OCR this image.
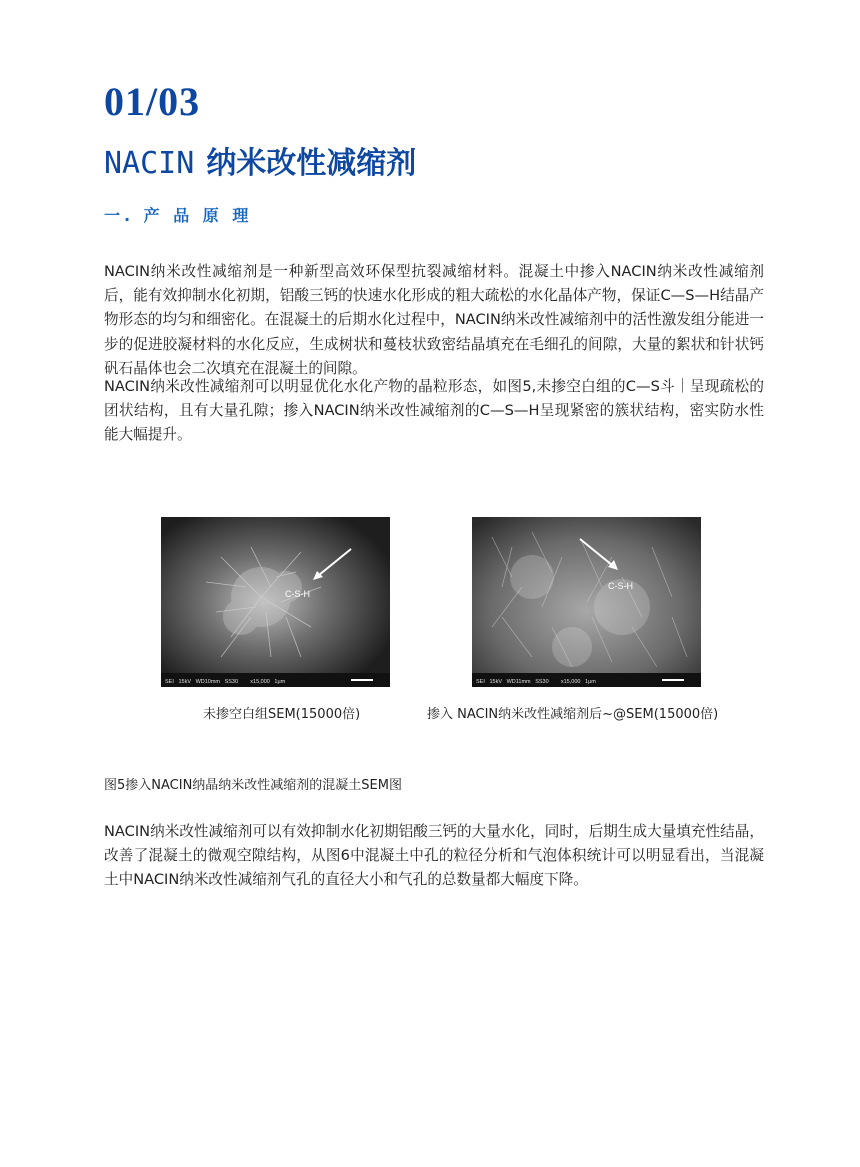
01/03
NACIN 纳米改性减缩剂
一. 产 品 原 理

NACIN纳米改性减缩剂是一种新型高效环保型抗裂减缩材料。混凝土中掺入NACIN纳米改性减缩剂后，能有效抑制水化初期，铝酸三钙的快速水化形成的粗大疏松的水化晶体产物，保证C—S—H结晶产物形态的均匀和细密化。在混凝土的后期水化过程中，NACIN纳米改性减缩剂中的活性激发组分能进一步的促进胶凝材料的水化反应，生成树状和蔓枝状致密结晶填充在毛细孔的间隙，大量的絮状和针状钙矾石晶体也会二次填充在混凝土的间隙。

NACIN纳米改性减缩剂可以明显优化水化产物的晶粒形态，如图5,未掺空白组的C—S斗｜呈现疏松的团状结构，且有大量孔隙；掺入NACIN纳米改性减缩剂的C—S—H呈现紧密的簇状结构，密实防水性能大幅提升。

C-S-H
SEI   15kV   WD10mm   SS30        x15,000   1μm
C-S-H
SEI   15kV   WD11mm   SS30        x15,000   1μm
未掺空白组SEM(15000倍)	掺入 NACIN纳米改性减缩剂后~@SEM(15000倍)
图5掺入NACIN纳晶纳米改性减缩剂的混凝土SEM图

NACIN纳米改性减缩剂可以有效抑制水化初期铝酸三钙的大量水化，同时，后期生成大量填充性结晶，改善了混凝土的微观空隙结构，从图6中混凝土中孔的粒径分析和气泡体积统计可以明显看出，当混凝土中NACIN纳米改性减缩剂气孔的直径大小和气孔的总数量都大幅度下降。
